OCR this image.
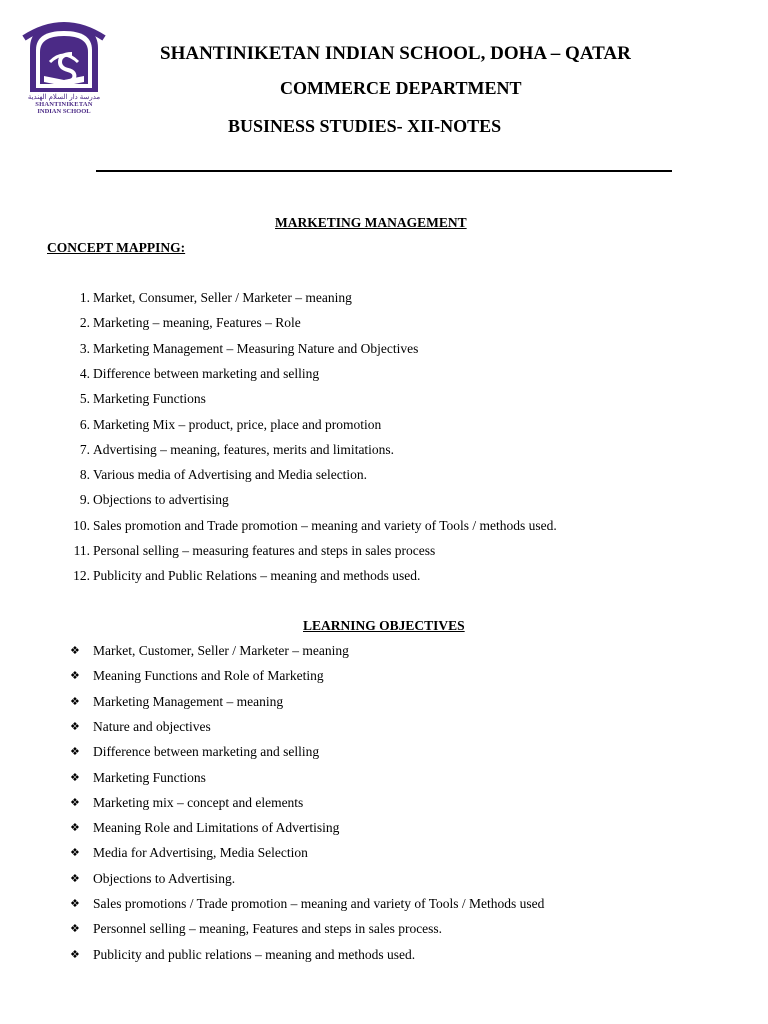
مدرسة دار السلام الهندية
SHANTINIKETAN
INDIAN SCHOOL
SHANTINIKETAN INDIAN SCHOOL, DOHA – QATAR
COMMERCE DEPARTMENT
BUSINESS STUDIES- XII-NOTES
MARKETING MANAGEMENT
CONCEPT MAPPING:
1. Market, Consumer, Seller / Marketer – meaning
2. Marketing – meaning, Features – Role
3. Marketing Management – Measuring Nature and Objectives
4. Difference between marketing and selling
5. Marketing Functions
6. Marketing Mix – product, price, place and promotion
7. Advertising – meaning, features, merits and limitations.
8. Various media of Advertising and Media selection.
9. Objections to advertising
10. Sales promotion and Trade promotion – meaning and variety of Tools / methods used.
11. Personal selling – measuring features and steps in sales process
12. Publicity and Public Relations – meaning and methods used.
LEARNING OBJECTIVES
❖ Market, Customer, Seller / Marketer – meaning
❖ Meaning Functions and Role of Marketing
❖ Marketing Management – meaning
❖ Nature and objectives
❖ Difference between marketing and selling
❖ Marketing Functions
❖ Marketing mix – concept and elements
❖ Meaning Role and Limitations of Advertising
❖ Media for Advertising, Media Selection
❖ Objections to Advertising.
❖ Sales promotions / Trade promotion – meaning and variety of Tools / Methods used
❖ Personnel selling – meaning, Features and steps in sales process.
❖ Publicity and public relations – meaning and methods used.
